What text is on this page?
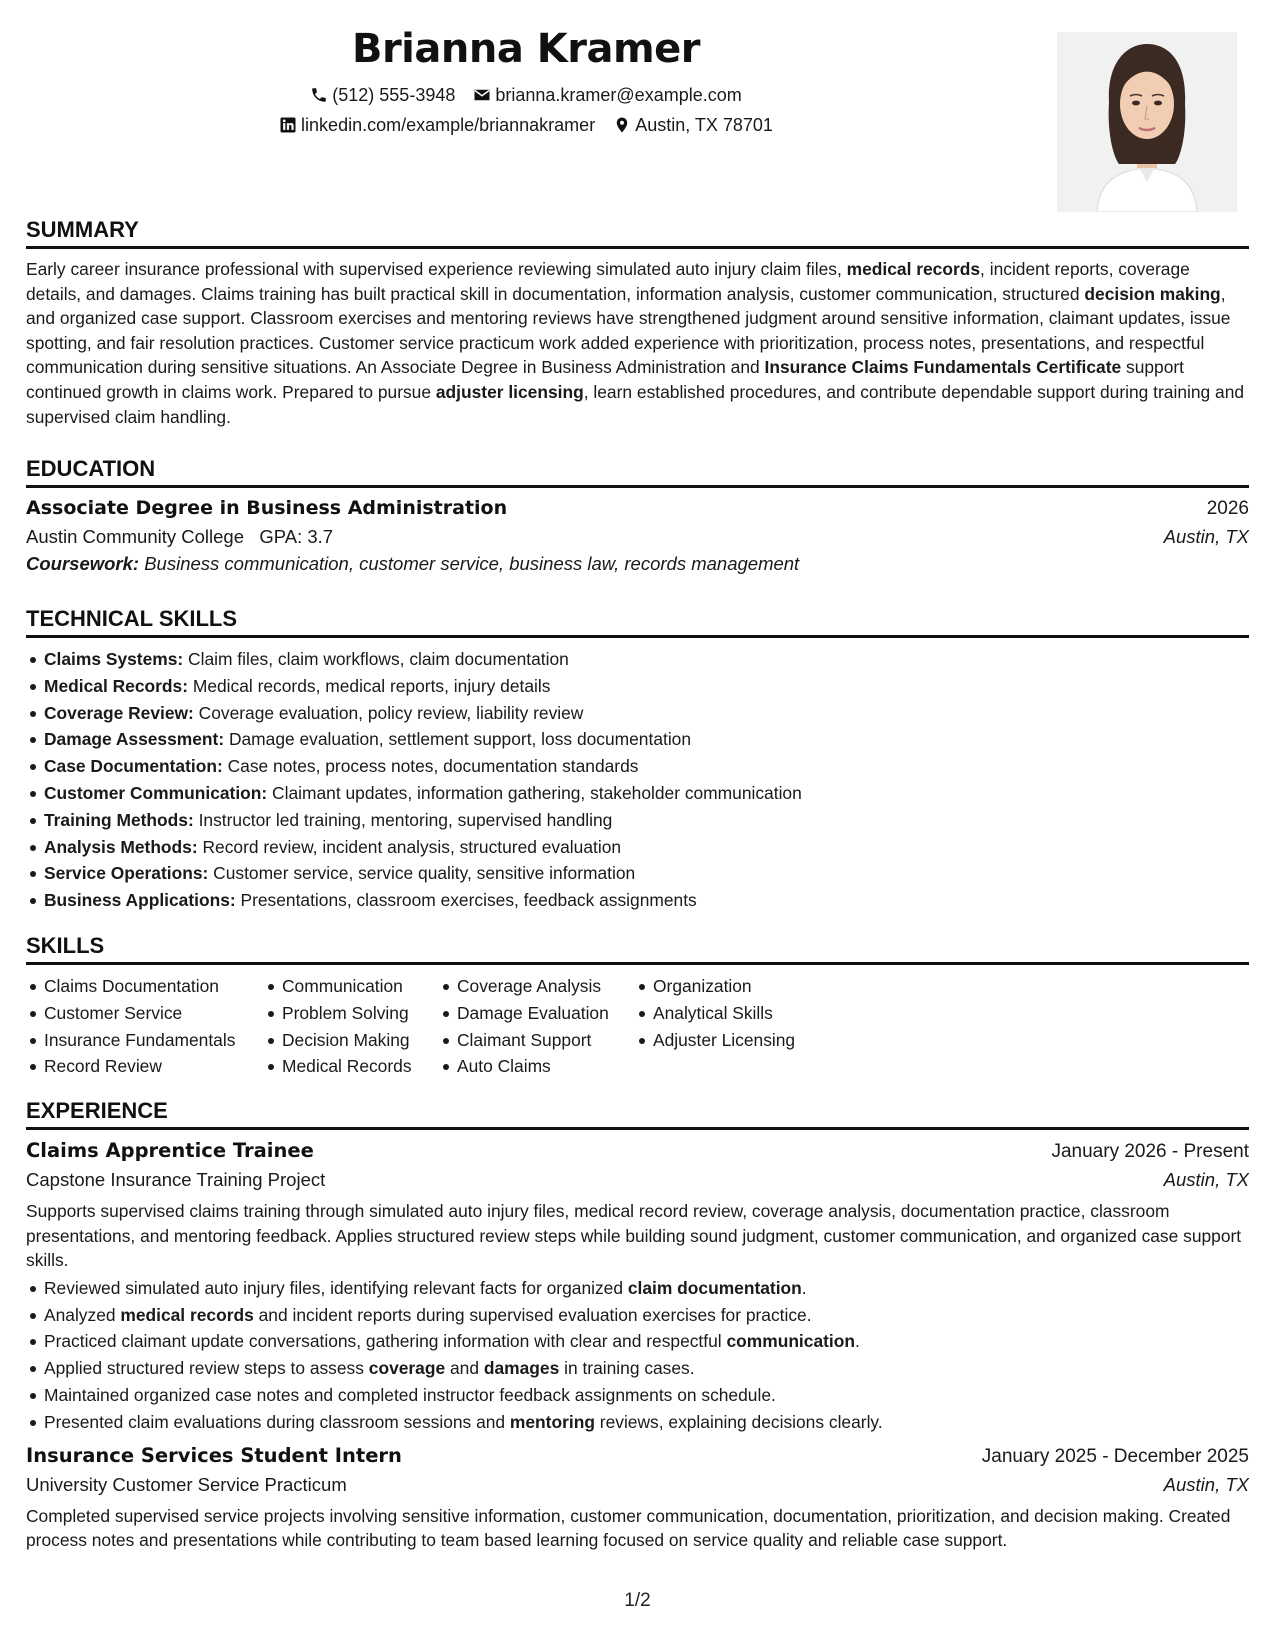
Brianna Kramer
(512) 555-3948 brianna.kramer@example.com
linkedin.com/example/briannakramer Austin, TX 78701
SUMMARY
Early career insurance professional with supervised experience reviewing simulated auto injury claim files, medical records, incident reports, coverage details, and damages. Claims training has built practical skill in documentation, information analysis, customer communication, structured decision making, and organized case support. Classroom exercises and mentoring reviews have strengthened judgment around sensitive information, claimant updates, issue spotting, and fair resolution practices. Customer service practicum work added experience with prioritization, process notes, presentations, and respectful communication during sensitive situations. An Associate Degree in Business Administration and Insurance Claims Fundamentals Certificate support continued growth in claims work. Prepared to pursue adjuster licensing, learn established procedures, and contribute dependable support during training and supervised claim handling.
EDUCATION
Associate Degree in Business Administration	2026
Austin Community College GPA: 3.7	Austin, TX
Coursework: Business communication, customer service, business law, records management
TECHNICAL SKILLS
Claims Systems: Claim files, claim workflows, claim documentation
Medical Records: Medical records, medical reports, injury details
Coverage Review: Coverage evaluation, policy review, liability review
Damage Assessment: Damage evaluation, settlement support, loss documentation
Case Documentation: Case notes, process notes, documentation standards
Customer Communication: Claimant updates, information gathering, stakeholder communication
Training Methods: Instructor led training, mentoring, supervised handling
Analysis Methods: Record review, incident analysis, structured evaluation
Service Operations: Customer service, service quality, sensitive information
Business Applications: Presentations, classroom exercises, feedback assignments
SKILLS
Claims Documentation
Customer Service
Insurance Fundamentals
Record Review
Communication
Problem Solving
Decision Making
Medical Records
Coverage Analysis
Damage Evaluation
Claimant Support
Auto Claims
Organization
Analytical Skills
Adjuster Licensing
EXPERIENCE
Claims Apprentice Trainee	January 2026 - Present
Capstone Insurance Training Project	Austin, TX
Supports supervised claims training through simulated auto injury files, medical record review, coverage analysis, documentation practice, classroom presentations, and mentoring feedback. Applies structured review steps while building sound judgment, customer communication, and organized case support skills.
Reviewed simulated auto injury files, identifying relevant facts for organized claim documentation.
Analyzed medical records and incident reports during supervised evaluation exercises for practice.
Practiced claimant update conversations, gathering information with clear and respectful communication.
Applied structured review steps to assess coverage and damages in training cases.
Maintained organized case notes and completed instructor feedback assignments on schedule.
Presented claim evaluations during classroom sessions and mentoring reviews, explaining decisions clearly.
Insurance Services Student Intern	January 2025 - December 2025
University Customer Service Practicum	Austin, TX
Completed supervised service projects involving sensitive information, customer communication, documentation, prioritization, and decision making. Created process notes and presentations while contributing to team based learning focused on service quality and reliable case support.
1/2
